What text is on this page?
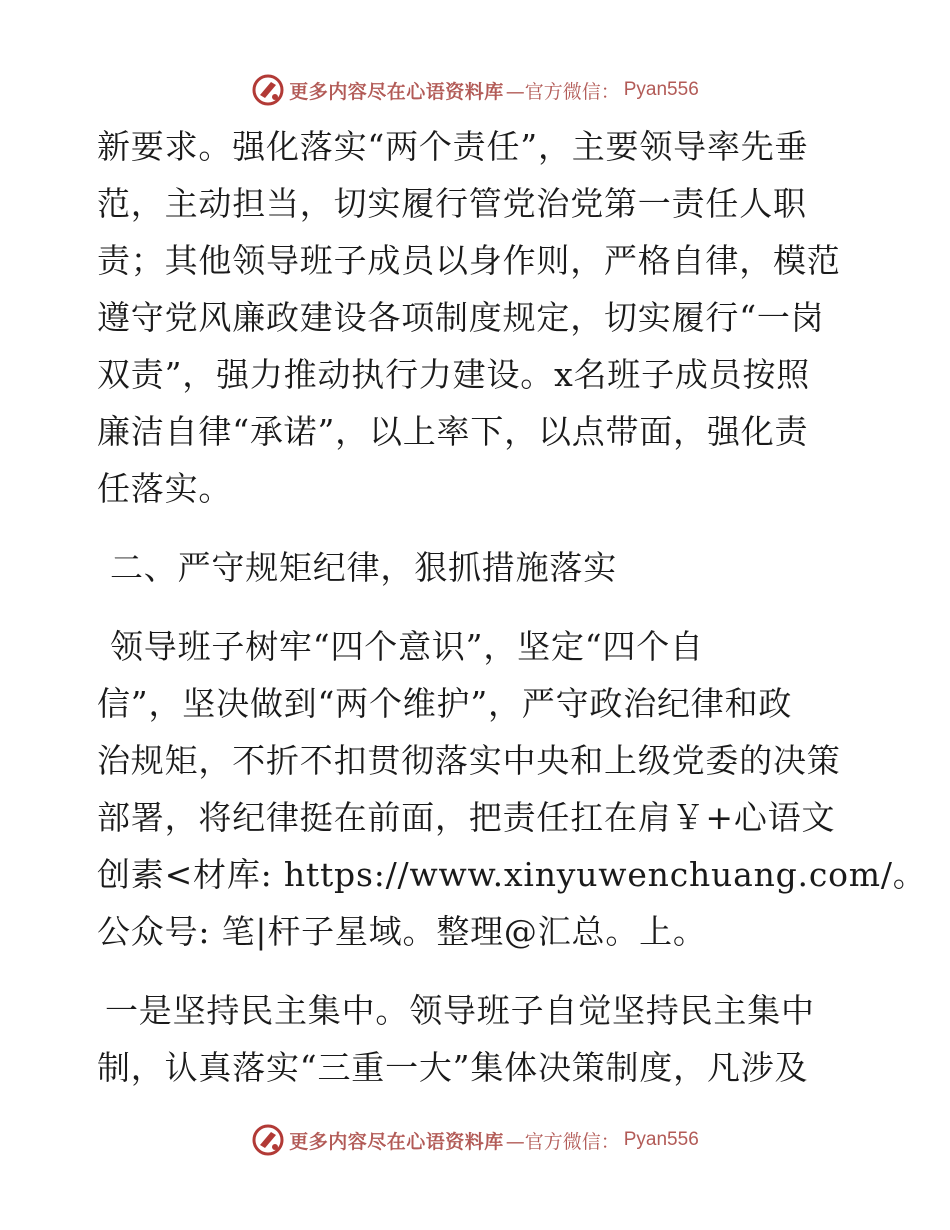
更多内容尽在心语资料库 —官方微信： Pyan556
新要求。强化落实“两个责任”，主要领导率先垂
范，主动担当，切实履行管党治党第一责任人职
责；其他领导班子成员以身作则，严格自律，模范
遵守党风廉政建设各项制度规定，切实履行“一岗
双责”，强力推动执行力建设。x名班子成员按照
廉洁自律“承诺”，以上率下，以点带面，强化责
任落实。
二、严守规矩纪律，狠抓措施落实
领导班子树牢“四个意识”，坚定“四个自
信”，坚决做到“两个维护”，严守政治纪律和政
治规矩，不折不扣贯彻落实中央和上级党委的决策
部署，将纪律挺在前面，把责任扛在肩￥+心语文
创素<材库: https://www.xinyuwenchuang.com/。
公众号: 笔|杆子星域。整理@汇总。上。
一是坚持民主集中。领导班子自觉坚持民主集中
制，认真落实“三重一大”集体决策制度，凡涉及
更多内容尽在心语资料库 —官方微信： Pyan556
